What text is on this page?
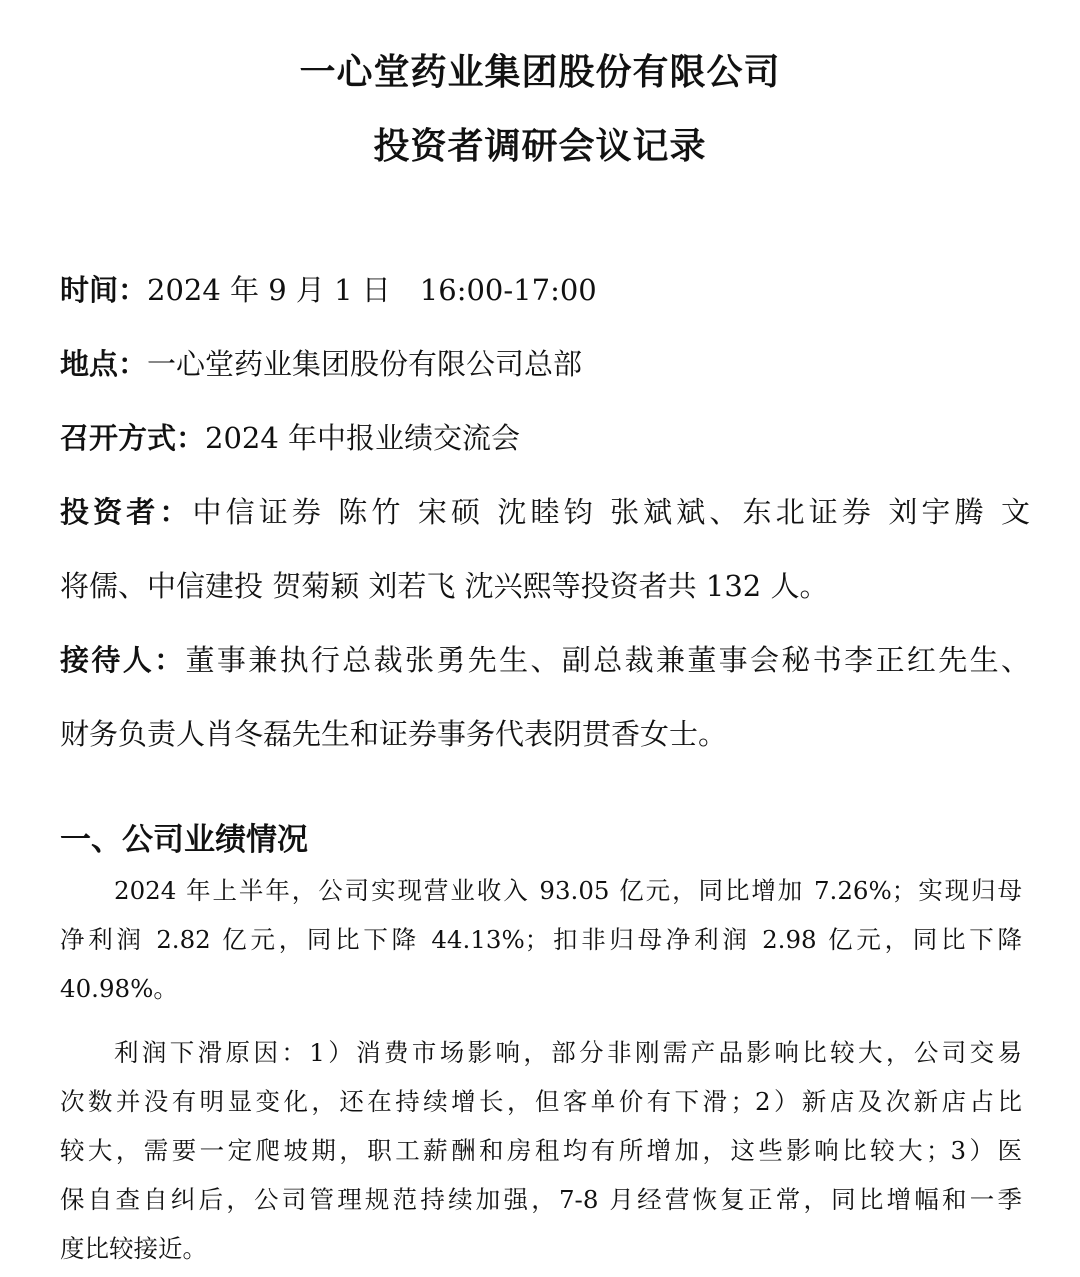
一心堂药业集团股份有限公司
投资者调研会议记录
时间：2024 年 9 月 1 日　16:00-17:00
地点：一心堂药业集团股份有限公司总部
召开方式：2024 年中报业绩交流会
投资者：中信证券 陈竹 宋硕 沈睦钧 张斌斌、东北证券 刘宇腾 文
将儒、中信建投 贺菊颖 刘若飞 沈兴熙等投资者共 132 人。
接待人：董事兼执行总裁张勇先生、副总裁兼董事会秘书李正红先生、
财务负责人肖冬磊先生和证券事务代表阴贯香女士。
一、公司业绩情况
2024 年上半年，公司实现营业收入 93.05 亿元，同比增加 7.26%；实现归母
净利润 2.82 亿元，同比下降 44.13%；扣非归母净利润 2.98 亿元，同比下降
40.98%。
利润下滑原因：1）消费市场影响，部分非刚需产品影响比较大，公司交易
次数并没有明显变化，还在持续增长，但客单价有下滑；2）新店及次新店占比
较大，需要一定爬坡期，职工薪酬和房租均有所增加，这些影响比较大；3）医
保自查自纠后，公司管理规范持续加强，7-8 月经营恢复正常，同比增幅和一季
度比较接近。
